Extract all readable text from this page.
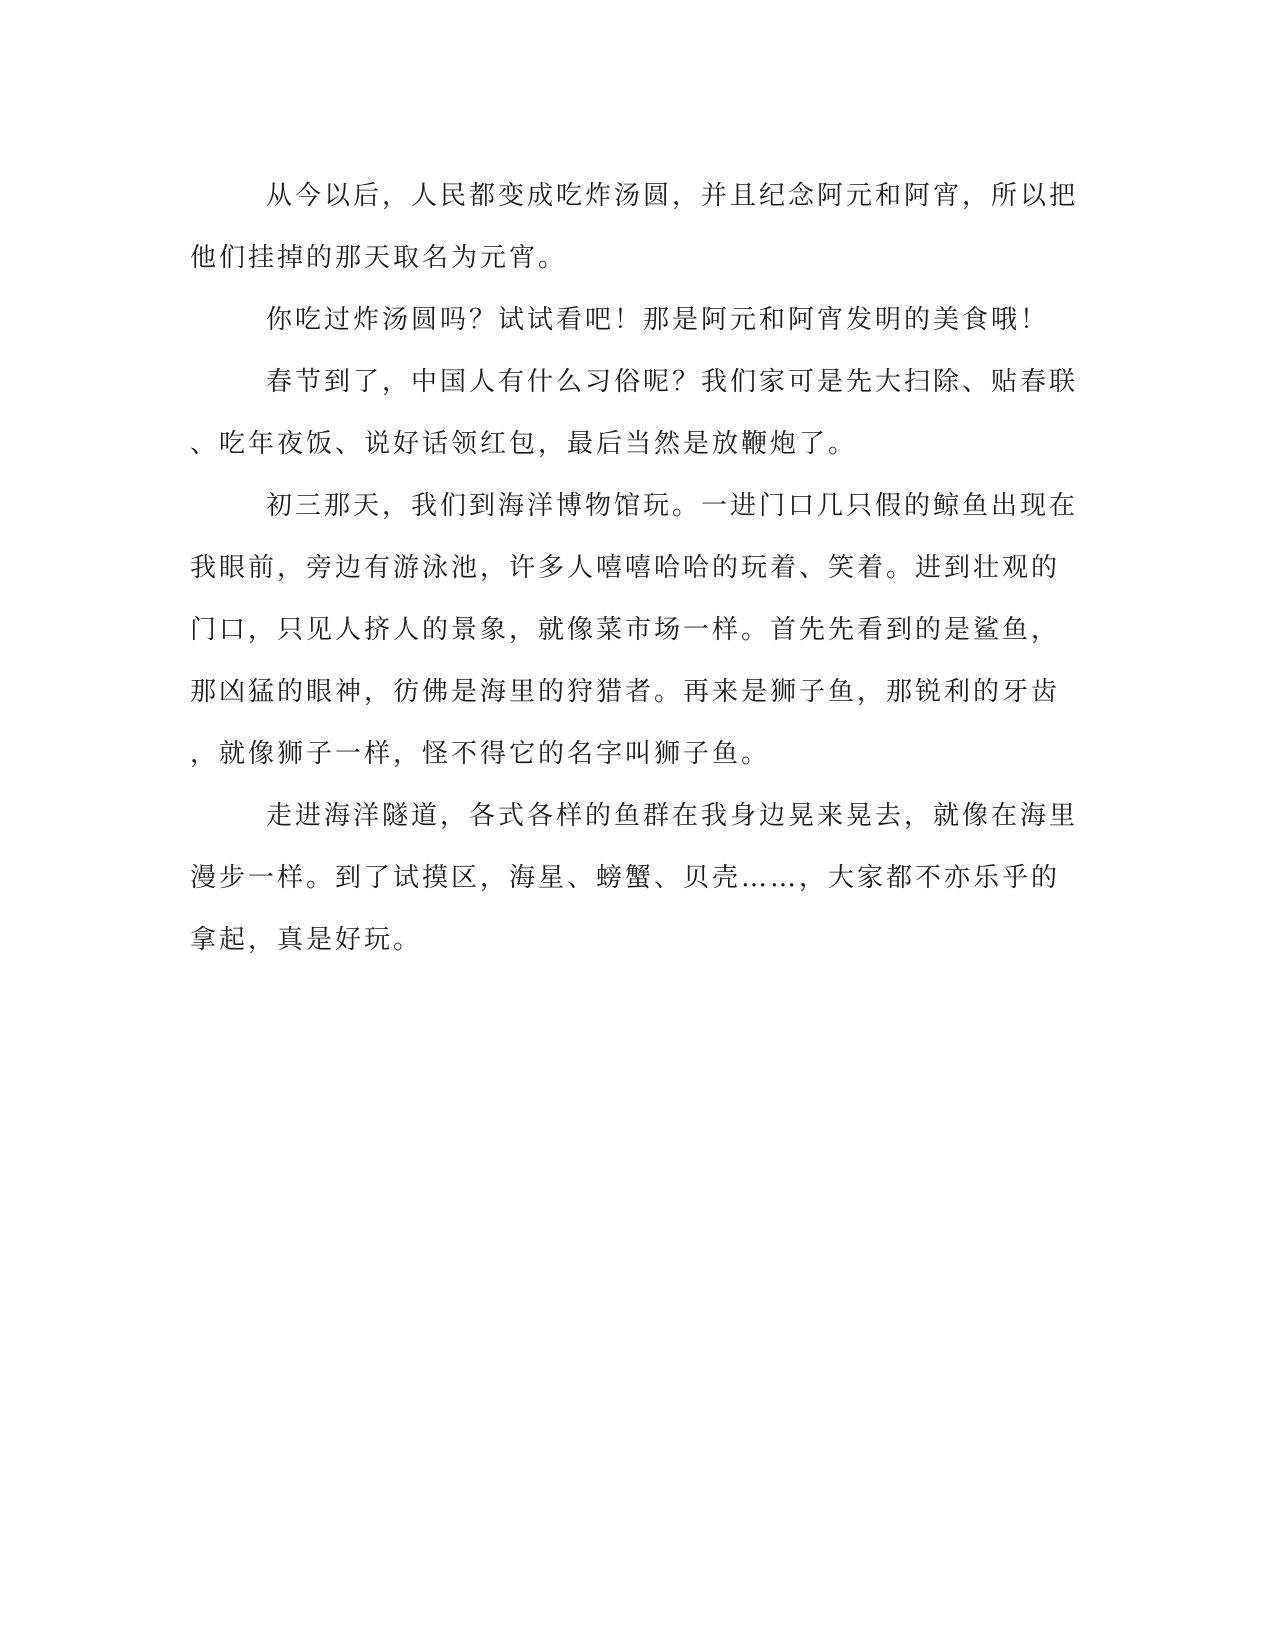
从今以后，人民都变成吃炸汤圆，并且纪念阿元和阿宵，所以把
他们挂掉的那天取名为元宵。

你吃过炸汤圆吗？试试看吧！那是阿元和阿宵发明的美食哦！

春节到了，中国人有什么习俗呢？我们家可是先大扫除、贴春联
、吃年夜饭、说好话领红包，最后当然是放鞭炮了。

初三那天，我们到海洋博物馆玩。一进门口几只假的鲸鱼出现在
我眼前，旁边有游泳池，许多人嘻嘻哈哈的玩着、笑着。进到壮观的
门口，只见人挤人的景象，就像菜市场一样。首先先看到的是鲨鱼，
那凶猛的眼神，彷佛是海里的狩猎者。再来是狮子鱼，那锐利的牙齿
，就像狮子一样，怪不得它的名字叫狮子鱼。

走进海洋隧道，各式各样的鱼群在我身边晃来晃去，就像在海里
漫步一样。到了试摸区，海星、螃蟹、贝壳……，大家都不亦乐乎的
拿起，真是好玩。
